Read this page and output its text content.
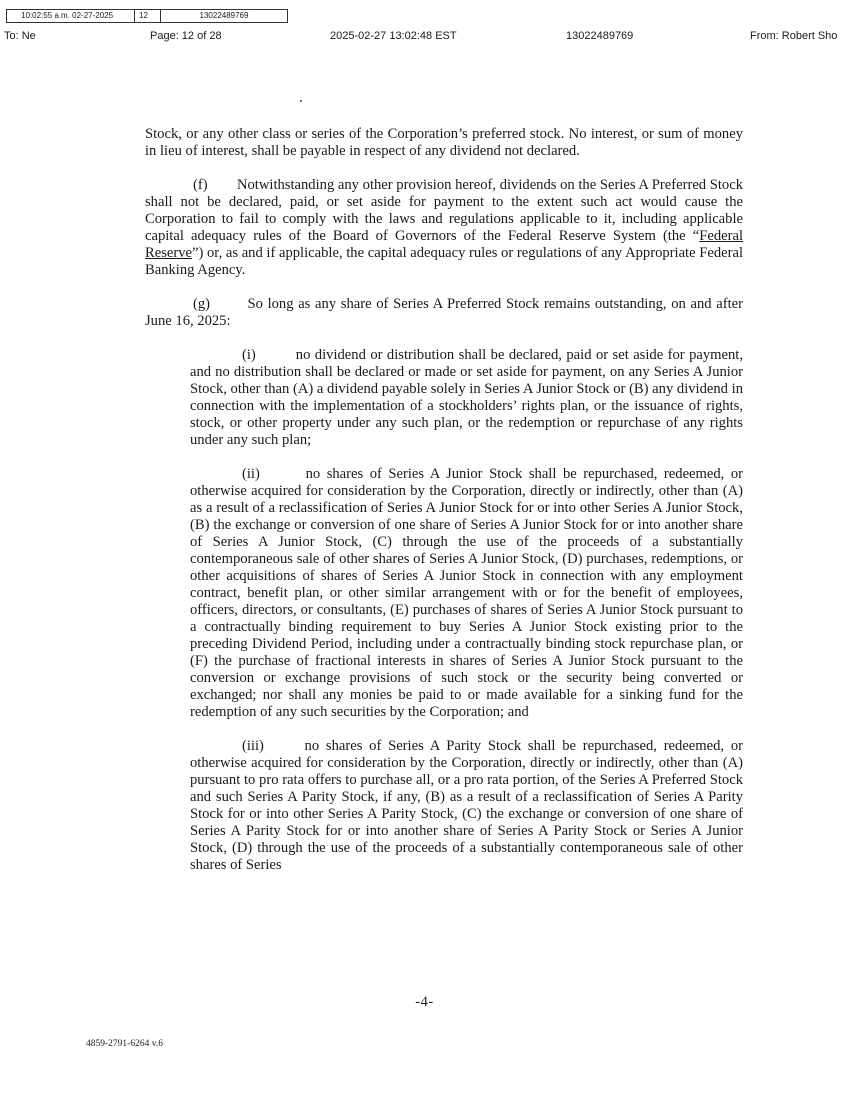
10:02:55 a.m. 02-27-2025	12	13022489769
To: Ne	Page: 12 of 28	2025-02-27 13:02:48 EST	13022489769	From: Robert Sho

Stock, or any other class or series of the Corporation’s preferred stock. No interest, or sum of money in lieu of interest, shall be payable in respect of any dividend not declared.

(f) Notwithstanding any other provision hereof, dividends on the Series A Preferred Stock shall not be declared, paid, or set aside for payment to the extent such act would cause the Corporation to fail to comply with the laws and regulations applicable to it, including applicable capital adequacy rules of the Board of Governors of the Federal Reserve System (the “Federal Reserve”) or, as and if applicable, the capital adequacy rules or regulations of any Appropriate Federal Banking Agency.

(g)	So long as any share of Series A Preferred Stock remains outstanding, on and after June 16, 2025:

(i)	no dividend or distribution shall be declared, paid or set aside for payment, and no distribution shall be declared or made or set aside for payment, on any Series A Junior Stock, other than (A) a dividend payable solely in Series A Junior Stock or (B) any dividend in connection with the implementation of a stockholders’ rights plan, or the issuance of rights, stock, or other property under any such plan, or the redemption or repurchase of any rights under any such plan;

(ii)	no shares of Series A Junior Stock shall be repurchased, redeemed, or otherwise acquired for consideration by the Corporation, directly or indirectly, other than (A) as a result of a reclassification of Series A Junior Stock for or into other Series A Junior Stock, (B) the exchange or conversion of one share of Series A Junior Stock for or into another share of Series A Junior Stock, (C) through the use of the proceeds of a substantially contemporaneous sale of other shares of Series A Junior Stock, (D) purchases, redemptions, or other acquisitions of shares of Series A Junior Stock in connection with any employment contract, benefit plan, or other similar arrangement with or for the benefit of employees, officers, directors, or consultants, (E) purchases of shares of Series A Junior Stock pursuant to a contractually binding requirement to buy Series A Junior Stock existing prior to the preceding Dividend Period, including under a contractually binding stock repurchase plan, or (F) the purchase of fractional interests in shares of Series A Junior Stock pursuant to the conversion or exchange provisions of such stock or the security being converted or exchanged; nor shall any monies be paid to or made available for a sinking fund for the redemption of any such securities by the Corporation; and

(iii)	no shares of Series A Parity Stock shall be repurchased, redeemed, or otherwise acquired for consideration by the Corporation, directly or indirectly, other than (A) pursuant to pro rata offers to purchase all, or a pro rata portion, of the Series A Preferred Stock and such Series A Parity Stock, if any, (B) as a result of a reclassification of Series A Parity Stock for or into other Series A Parity Stock, (C) the exchange or conversion of one share of Series A Parity Stock for or into another share of Series A Parity Stock or Series A Junior Stock, (D) through the use of the proceeds of a substantially contemporaneous sale of other shares of Series

-4-
4859-2791-6264 v.6
